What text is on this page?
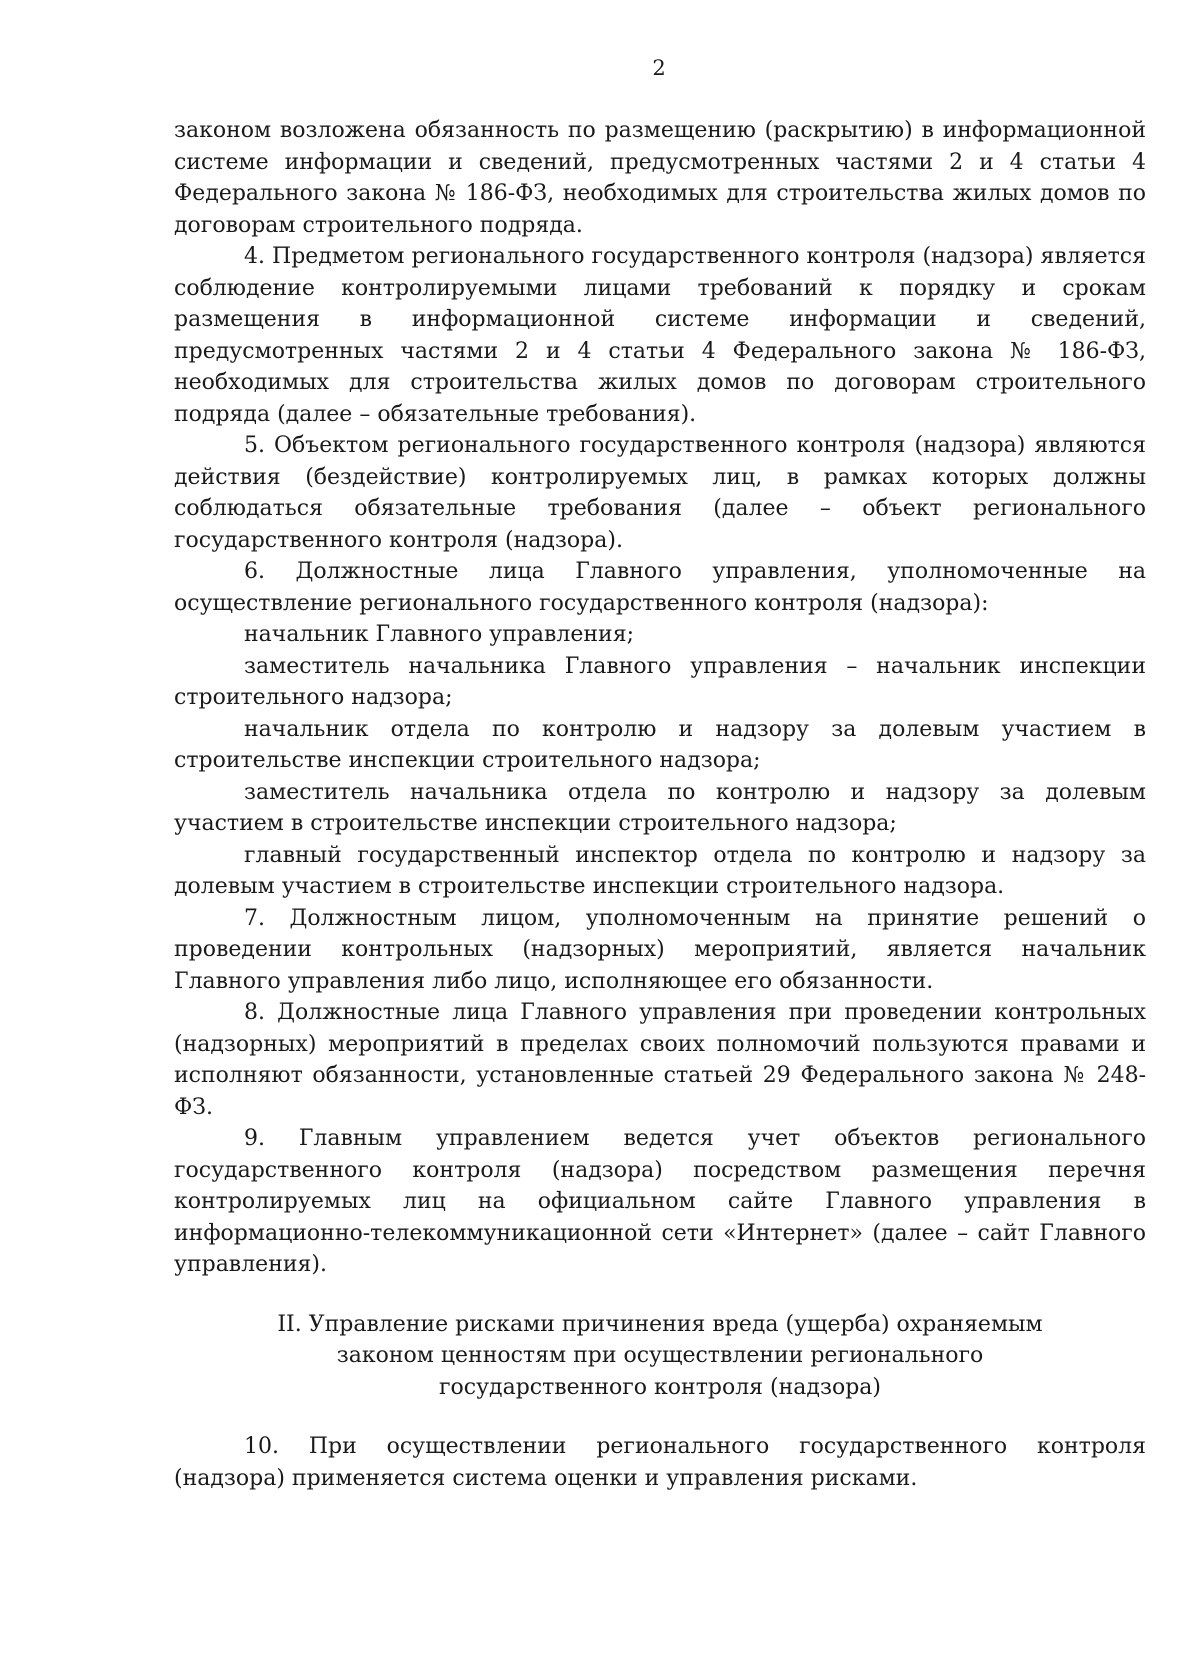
2

законом возложена обязанность по размещению (раскрытию) в информационной системе информации и сведений, предусмотренных частями 2 и 4 статьи 4 Федерального закона № 186-ФЗ, необходимых для строительства жилых домов по договорам строительного подряда.

4. Предметом регионального государственного контроля (надзора) является соблюдение контролируемыми лицами требований к порядку и срокам размещения в информационной системе информации и сведений, предусмотренных частями 2 и 4 статьи 4 Федерального закона № 186-ФЗ, необходимых для строительства жилых домов по договорам строительного подряда (далее – обязательные требования).

5. Объектом регионального государственного контроля (надзора) являются действия (бездействие) контролируемых лиц, в рамках которых должны соблюдаться обязательные требования (далее – объект регионального государственного контроля (надзора).

6. Должностные лица Главного управления, уполномоченные на осуществление регионального государственного контроля (надзора):

начальник Главного управления;

заместитель начальника Главного управления – начальник инспекции строительного надзора;

начальник отдела по контролю и надзору за долевым участием в строительстве инспекции строительного надзора;

заместитель начальника отдела по контролю и надзору за долевым участием в строительстве инспекции строительного надзора;

главный государственный инспектор отдела по контролю и надзору за долевым участием в строительстве инспекции строительного надзора.

7. Должностным лицом, уполномоченным на принятие решений о проведении контрольных (надзорных) мероприятий, является начальник Главного управления либо лицо, исполняющее его обязанности.

8. Должностные лица Главного управления при проведении контрольных (надзорных) мероприятий в пределах своих полномочий пользуются правами и исполняют обязанности, установленные статьей 29 Федерального закона № 248-ФЗ.

9. Главным управлением ведется учет объектов регионального государственного контроля (надзора) посредством размещения перечня контролируемых лиц на официальном сайте Главного управления в информационно-телекоммуникационной сети «Интернет» (далее – сайт Главного управления).

II. Управление рисками причинения вреда (ущерба) охраняемым
законом ценностям при осуществлении регионального
государственного контроля (надзора)

10. При осуществлении регионального государственного контроля (надзора) применяется система оценки и управления рисками.
